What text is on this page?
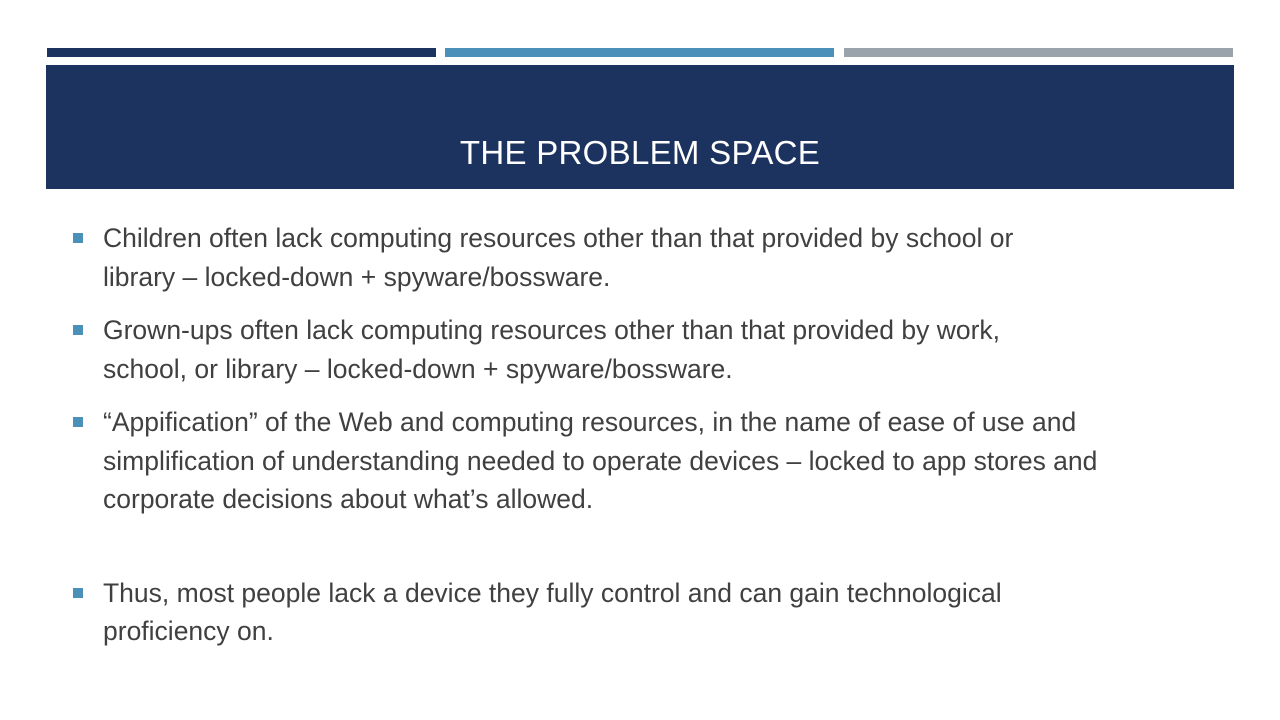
THE PROBLEM SPACE
Children often lack computing resources other than that provided by school or
library – locked-down + spyware/bossware.
Grown-ups often lack computing resources other than that provided by work,
school, or library – locked-down + spyware/bossware.
“Appification” of the Web and computing resources, in the name of ease of use and
simplification of understanding needed to operate devices – locked to app stores and
corporate decisions about what’s allowed.
Thus, most people lack a device they fully control and can gain technological
proficiency on.
